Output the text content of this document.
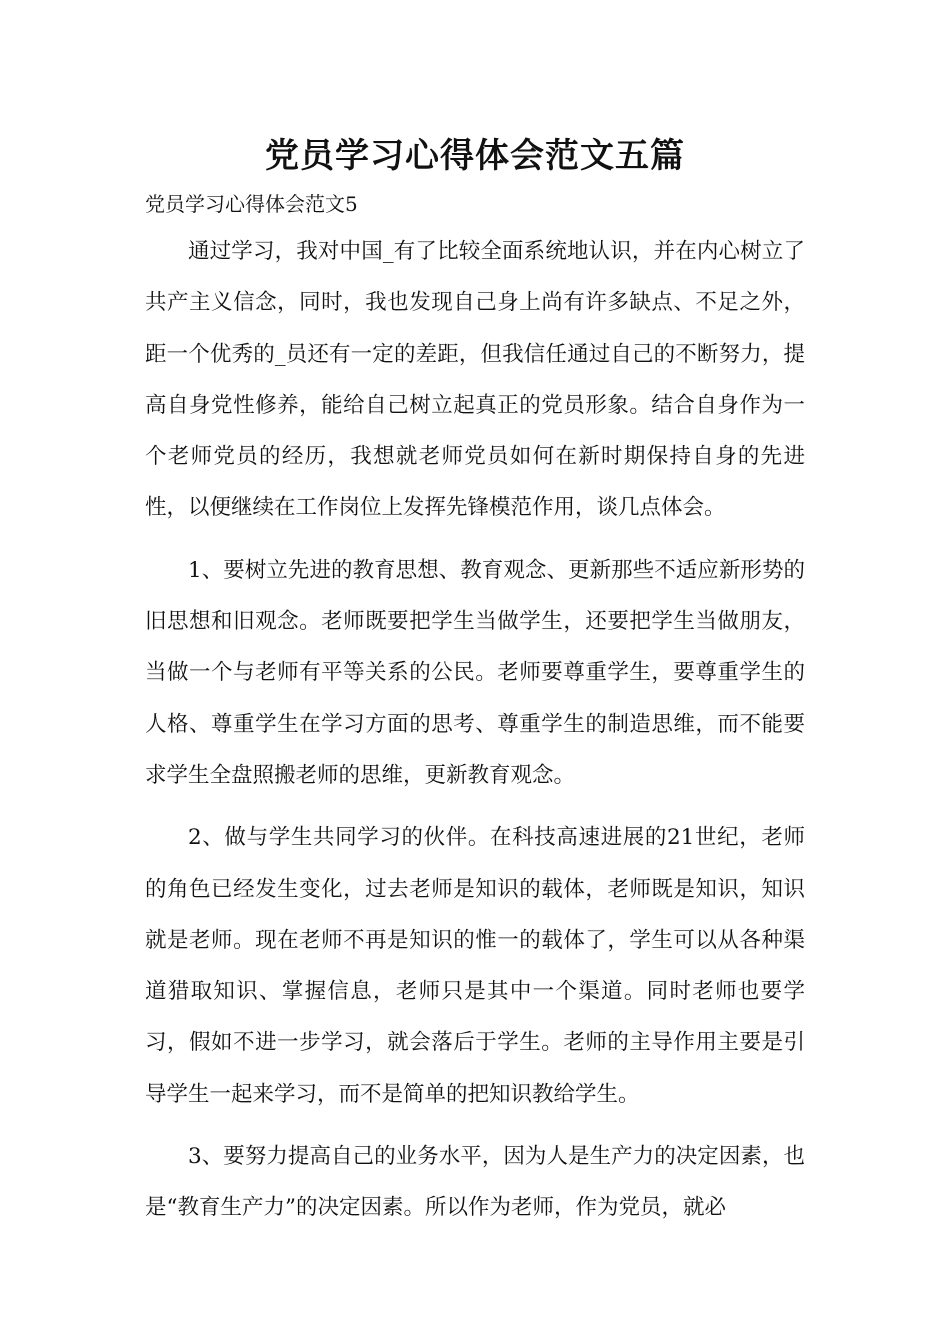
党员学习心得体会范文五篇

党员学习心得体会范文5

通过学习，我对中国_有了比较全面系统地认识，并在内心树立了共产主义信念，同时，我也发现自己身上尚有许多缺点、不足之外，距一个优秀的_员还有一定的差距，但我信任通过自己的不断努力，提高自身党性修养，能给自己树立起真正的党员形象。结合自身作为一个老师党员的经历，我想就老师党员如何在新时期保持自身的先进性，以便继续在工作岗位上发挥先锋模范作用，谈几点体会。

1、要树立先进的教育思想、教育观念、更新那些不适应新形势的旧思想和旧观念。老师既要把学生当做学生，还要把学生当做朋友，当做一个与老师有平等关系的公民。老师要尊重学生，要尊重学生的人格、尊重学生在学习方面的思考、尊重学生的制造思维，而不能要求学生全盘照搬老师的思维，更新教育观念。

2、做与学生共同学习的伙伴。在科技高速进展的21世纪，老师的角色已经发生变化，过去老师是知识的载体，老师既是知识，知识就是老师。现在老师不再是知识的惟一的载体了，学生可以从各种渠道猎取知识、掌握信息，老师只是其中一个渠道。同时老师也要学习，假如不进一步学习，就会落后于学生。老师的主导作用主要是引导学生一起来学习，而不是简单的把知识教给学生。

3、要努力提高自己的业务水平，因为人是生产力的决定因素，也是“教育生产力”的决定因素。所以作为老师，作为党员，就必
